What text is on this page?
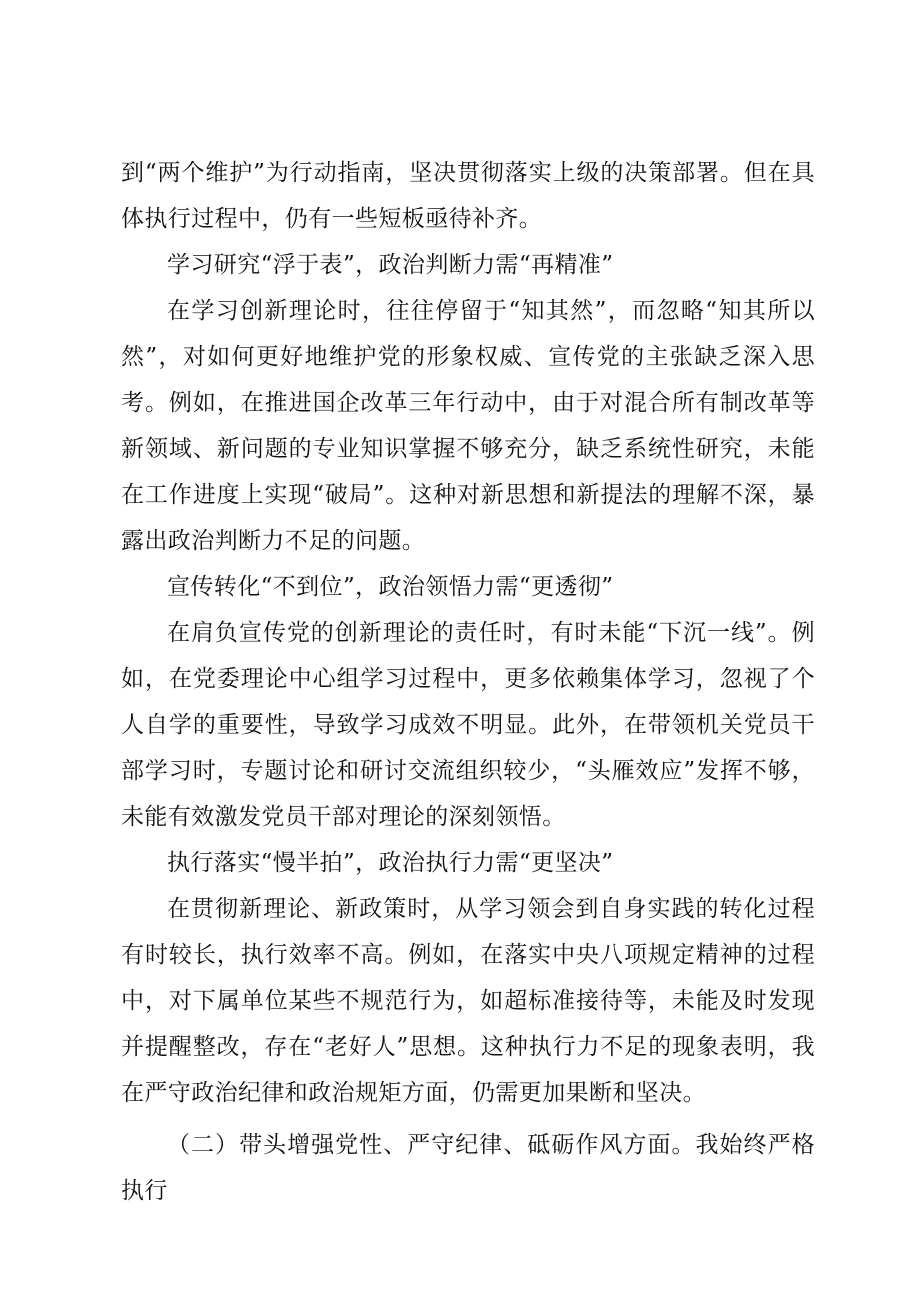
到“两个维护”为行动指南，坚决贯彻落实上级的决策部署。但在具体执行过程中，仍有一些短板亟待补齐。

学习研究“浮于表”，政治判断力需“再精准”

在学习创新理论时，往往停留于“知其然”，而忽略“知其所以然”，对如何更好地维护党的形象权威、宣传党的主张缺乏深入思考。例如，在推进国企改革三年行动中，由于对混合所有制改革等新领域、新问题的专业知识掌握不够充分，缺乏系统性研究，未能在工作进度上实现“破局”。这种对新思想和新提法的理解不深，暴露出政治判断力不足的问题。

宣传转化“不到位”，政治领悟力需“更透彻”

在肩负宣传党的创新理论的责任时，有时未能“下沉一线”。例如，在党委理论中心组学习过程中，更多依赖集体学习，忽视了个人自学的重要性，导致学习成效不明显。此外，在带领机关党员干部学习时，专题讨论和研讨交流组织较少，“头雁效应”发挥不够，未能有效激发党员干部对理论的深刻领悟。

执行落实“慢半拍”，政治执行力需“更坚决”

在贯彻新理论、新政策时，从学习领会到自身实践的转化过程有时较长，执行效率不高。例如，在落实中央八项规定精神的过程中，对下属单位某些不规范行为，如超标准接待等，未能及时发现并提醒整改，存在“老好人”思想。这种执行力不足的现象表明，我在严守政治纪律和政治规矩方面，仍需更加果断和坚决。

（二）带头增强党性、严守纪律、砥砺作风方面。我始终严格执行
